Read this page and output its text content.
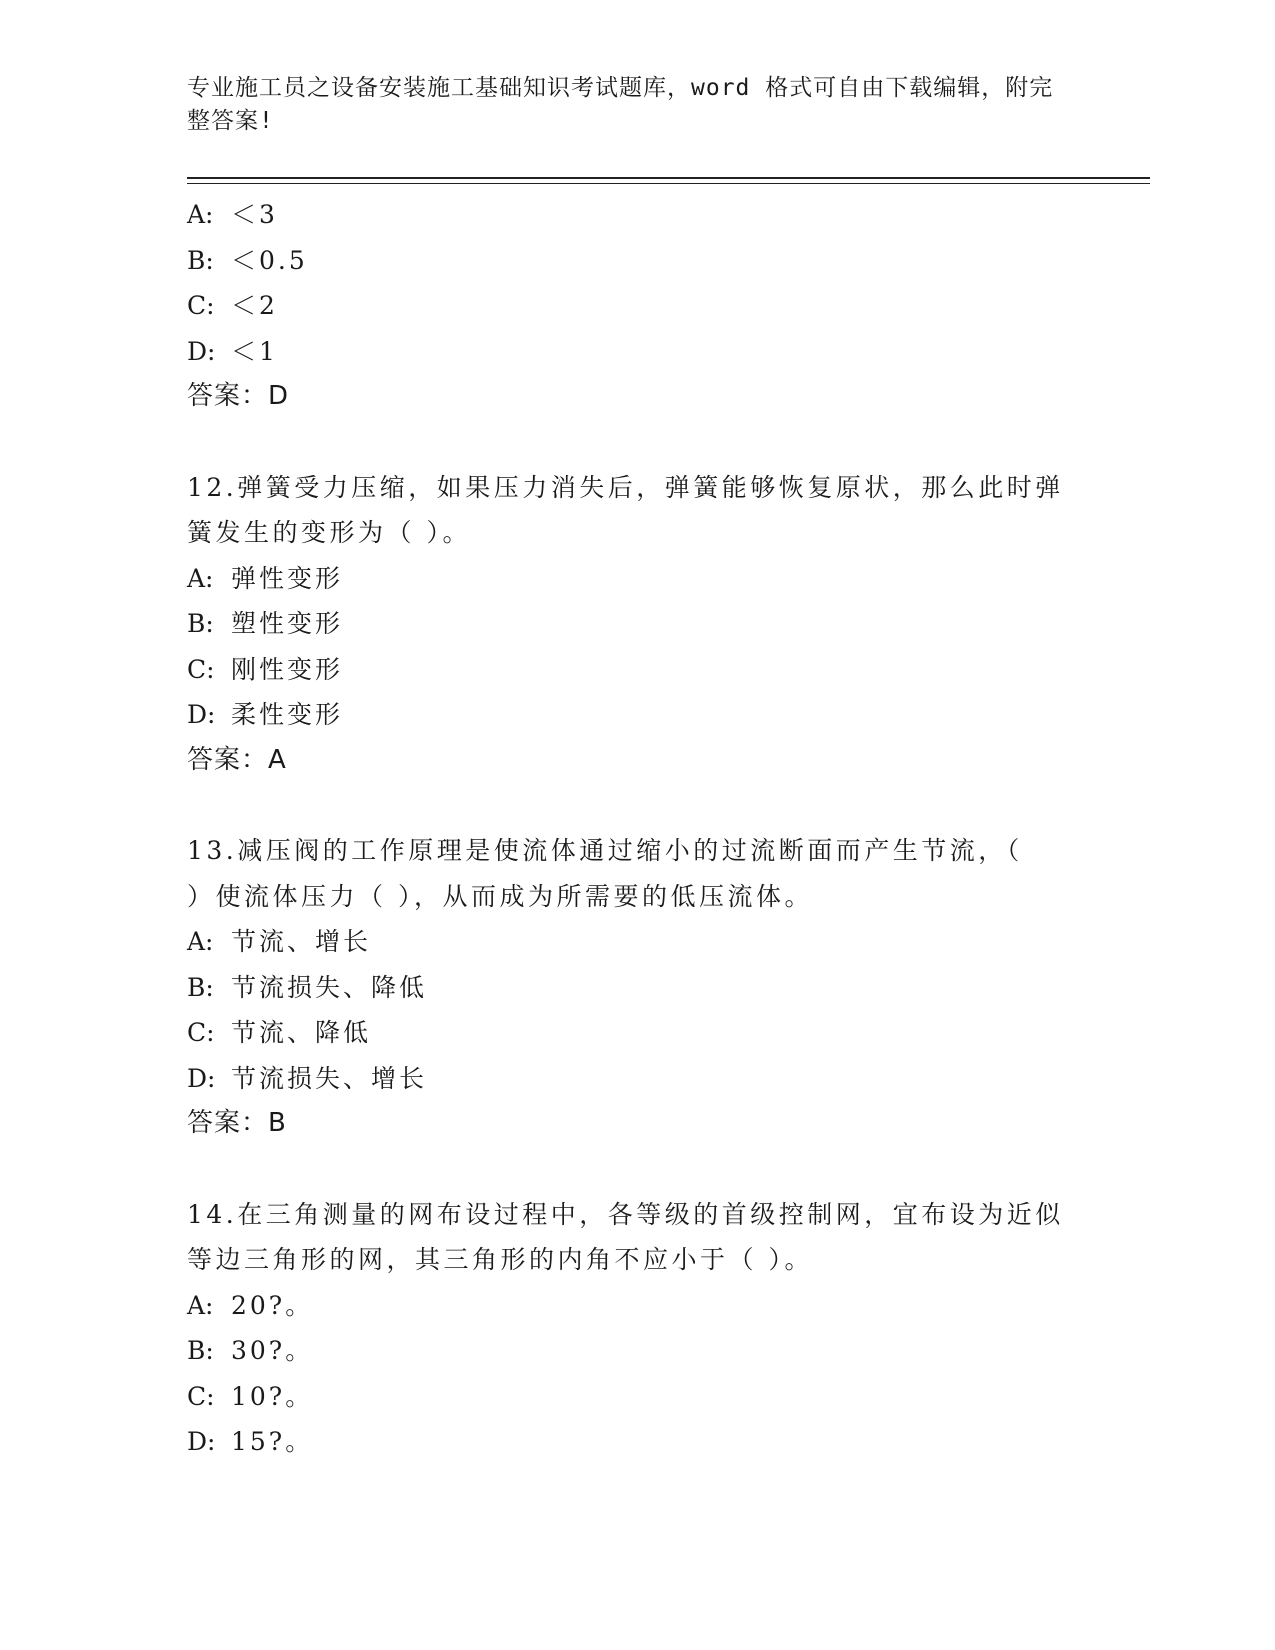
专业施工员之设备安装施工基础知识考试题库，word 格式可自由下载编辑，附完
整答案!
A: ＜3
B: ＜0.5
C: ＜2
D: ＜1
答案：D
12.弹簧受力压缩，如果压力消失后，弹簧能够恢复原状，那么此时弹
簧发生的变形为（ ）。
A: 弹性变形
B: 塑性变形
C: 刚性变形
D: 柔性变形
答案：A
13.减压阀的工作原理是使流体通过缩小的过流断面而产生节流，（
）使流体压力（ ），从而成为所需要的低压流体。
A: 节流、增长
B: 节流损失、降低
C: 节流、降低
D: 节流损失、增长
答案：B
14.在三角测量的网布设过程中，各等级的首级控制网，宜布设为近似
等边三角形的网，其三角形的内角不应小于（ ）。
A: 20?。
B: 30?。
C: 10?。
D: 15?。
